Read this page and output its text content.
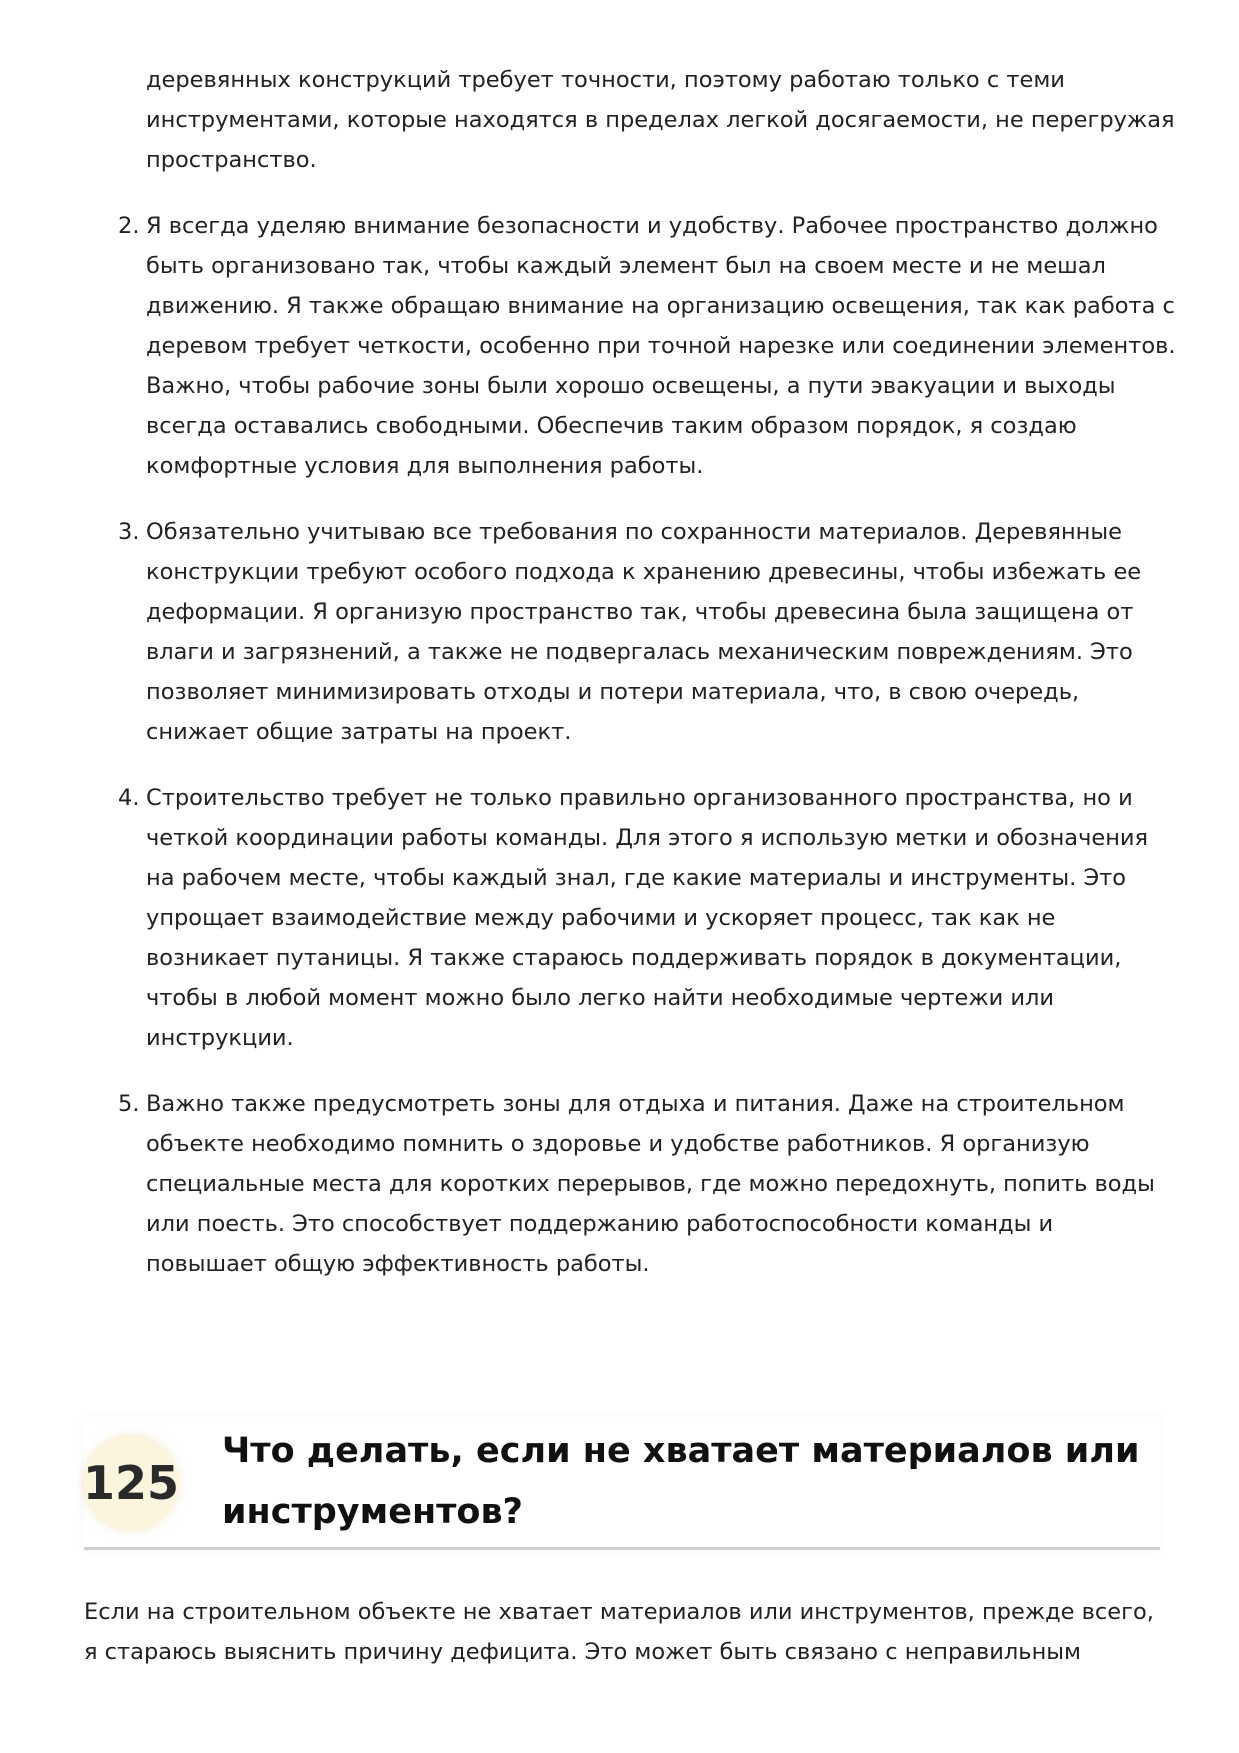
деревянных конструкций требует точности, поэтому работаю только с теми инструментами, которые находятся в пределах легкой досягаемости, не перегружая пространство.

2. Я всегда уделяю внимание безопасности и удобству. Рабочее пространство должно быть организовано так, чтобы каждый элемент был на своем месте и не мешал движению. Я также обращаю внимание на организацию освещения, так как работа с деревом требует четкости, особенно при точной нарезке или соединении элементов. Важно, чтобы рабочие зоны были хорошо освещены, а пути эвакуации и выходы всегда оставались свободными. Обеспечив таким образом порядок, я создаю комфортные условия для выполнения работы.
3. Обязательно учитываю все требования по сохранности материалов. Деревянные конструкции требуют особого подхода к хранению древесины, чтобы избежать ее деформации. Я организую пространство так, чтобы древесина была защищена от влаги и загрязнений, а также не подвергалась механическим повреждениям. Это позволяет минимизировать отходы и потери материала, что, в свою очередь, снижает общие затраты на проект.
4. Строительство требует не только правильно организованного пространства, но и четкой координации работы команды. Для этого я использую метки и обозначения на рабочем месте, чтобы каждый знал, где какие материалы и инструменты. Это упрощает взаимодействие между рабочими и ускоряет процесс, так как не возникает путаницы. Я также стараюсь поддерживать порядок в документации, чтобы в любой момент можно было легко найти необходимые чертежи или инструкции.
5. Важно также предусмотреть зоны для отдыха и питания. Даже на строительном объекте необходимо помнить о здоровье и удобстве работников. Я организую специальные места для коротких перерывов, где можно передохнуть, попить воды или поесть. Это способствует поддержанию работоспособности команды и повышает общую эффективность работы.
125
Что делать, если не хватает материалов или инструментов?

Если на строительном объекте не хватает материалов или инструментов, прежде всего, я стараюсь выяснить причину дефицита. Это может быть связано с неправильным
